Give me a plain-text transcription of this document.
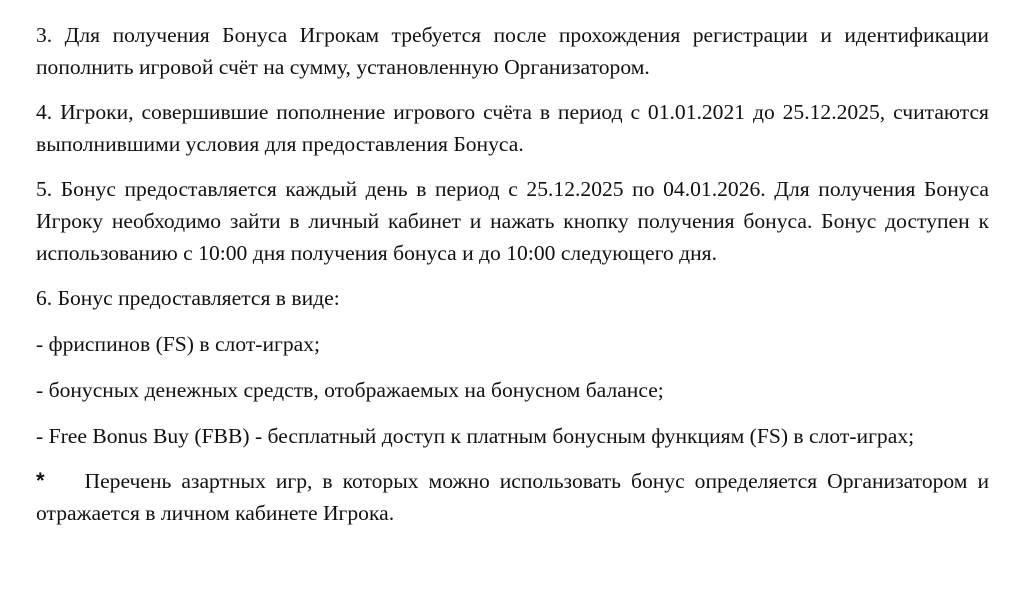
3. Для получения Бонуса Игрокам требуется после прохождения регистрации и идентификации пополнить игровой счёт на сумму, установленную Организатором.

4. Игроки, совершившие пополнение игрового счёта в период с 01.01.2021 до 25.12.2025, считаются выполнившими условия для предоставления Бонуса.

5. Бонус предоставляется каждый день в период с 25.12.2025 по 04.01.2026. Для получения Бонуса Игроку необходимо зайти в личный кабинет и нажать кнопку получения бонуса. Бонус доступен к использованию с 10:00 дня получения бонуса и до 10:00 следующего дня.

6. Бонус предоставляется в виде:

- фриспинов (FS) в слот-играх;

- бонусных денежных средств, отображаемых на бонусном балансе;

- Free Bonus Buy (FBB) - бесплатный доступ к платным бонусным функциям (FS) в слот-играх;

* Перечень азартных игр, в которых можно использовать бонус определяется Организатором и отражается в личном кабинете Игрока.
